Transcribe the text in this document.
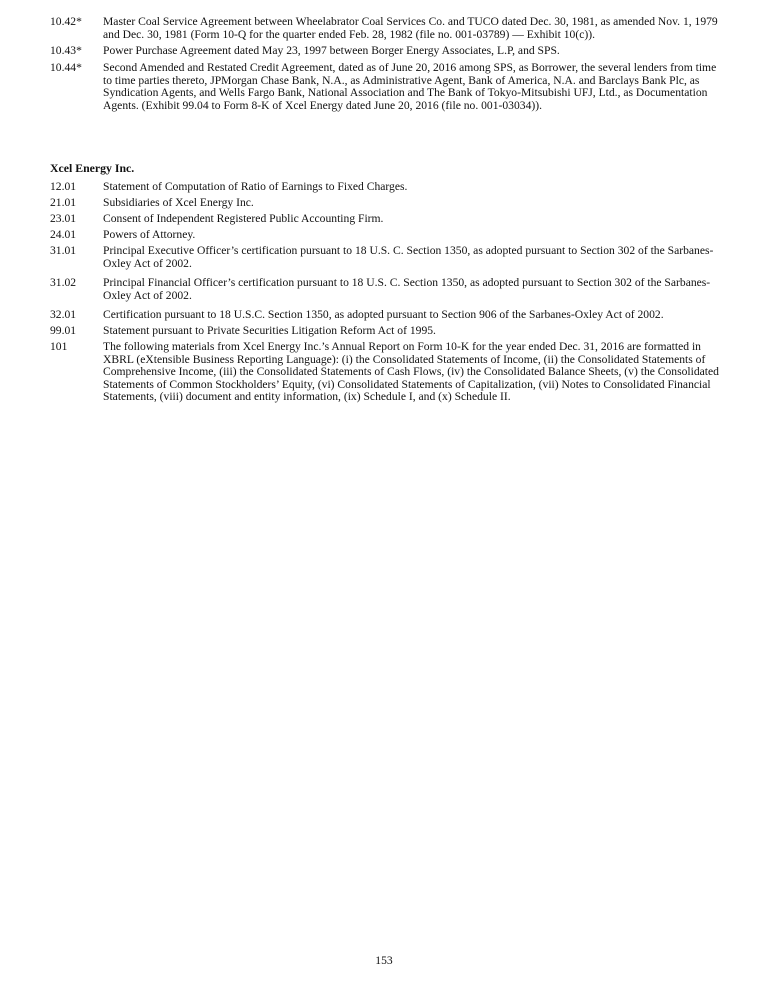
10.42*	Master Coal Service Agreement between Wheelabrator Coal Services Co. and TUCO dated Dec. 30, 1981, as amended Nov. 1, 1979 and Dec. 30, 1981 (Form 10-Q for the quarter ended Feb. 28, 1982 (file no. 001-03789) — Exhibit 10(c)).
10.43*	Power Purchase Agreement dated May 23, 1997 between Borger Energy Associates, L.P, and SPS.
10.44*	Second Amended and Restated Credit Agreement, dated as of June 20, 2016 among SPS, as Borrower, the several lenders from time to time parties thereto, JPMorgan Chase Bank, N.A., as Administrative Agent, Bank of America, N.A. and Barclays Bank Plc, as Syndication Agents, and Wells Fargo Bank, National Association and The Bank of Tokyo-Mitsubishi UFJ, Ltd., as Documentation Agents. (Exhibit 99.04 to Form 8-K of Xcel Energy dated June 20, 2016 (file no. 001-03034)).
Xcel Energy Inc.
12.01	Statement of Computation of Ratio of Earnings to Fixed Charges.
21.01	Subsidiaries of Xcel Energy Inc.
23.01	Consent of Independent Registered Public Accounting Firm.
24.01	Powers of Attorney.
31.01	Principal Executive Officer’s certification pursuant to 18 U.S. C. Section 1350, as adopted pursuant to Section 302 of the Sarbanes-Oxley Act of 2002.
31.02	Principal Financial Officer’s certification pursuant to 18 U.S. C. Section 1350, as adopted pursuant to Section 302 of the Sarbanes-Oxley Act of 2002.
32.01	Certification pursuant to 18 U.S.C. Section 1350, as adopted pursuant to Section 906 of the Sarbanes-Oxley Act of 2002.
99.01	Statement pursuant to Private Securities Litigation Reform Act of 1995.
101	The following materials from Xcel Energy Inc.’s Annual Report on Form 10-K for the year ended Dec. 31, 2016 are formatted in XBRL (eXtensible Business Reporting Language): (i) the Consolidated Statements of Income, (ii) the Consolidated Statements of Comprehensive Income, (iii) the Consolidated Statements of Cash Flows, (iv) the Consolidated Balance Sheets, (v) the Consolidated Statements of Common Stockholders’ Equity, (vi) Consolidated Statements of Capitalization, (vii) Notes to Consolidated Financial Statements, (viii) document and entity information, (ix) Schedule I, and (x) Schedule II.
153
